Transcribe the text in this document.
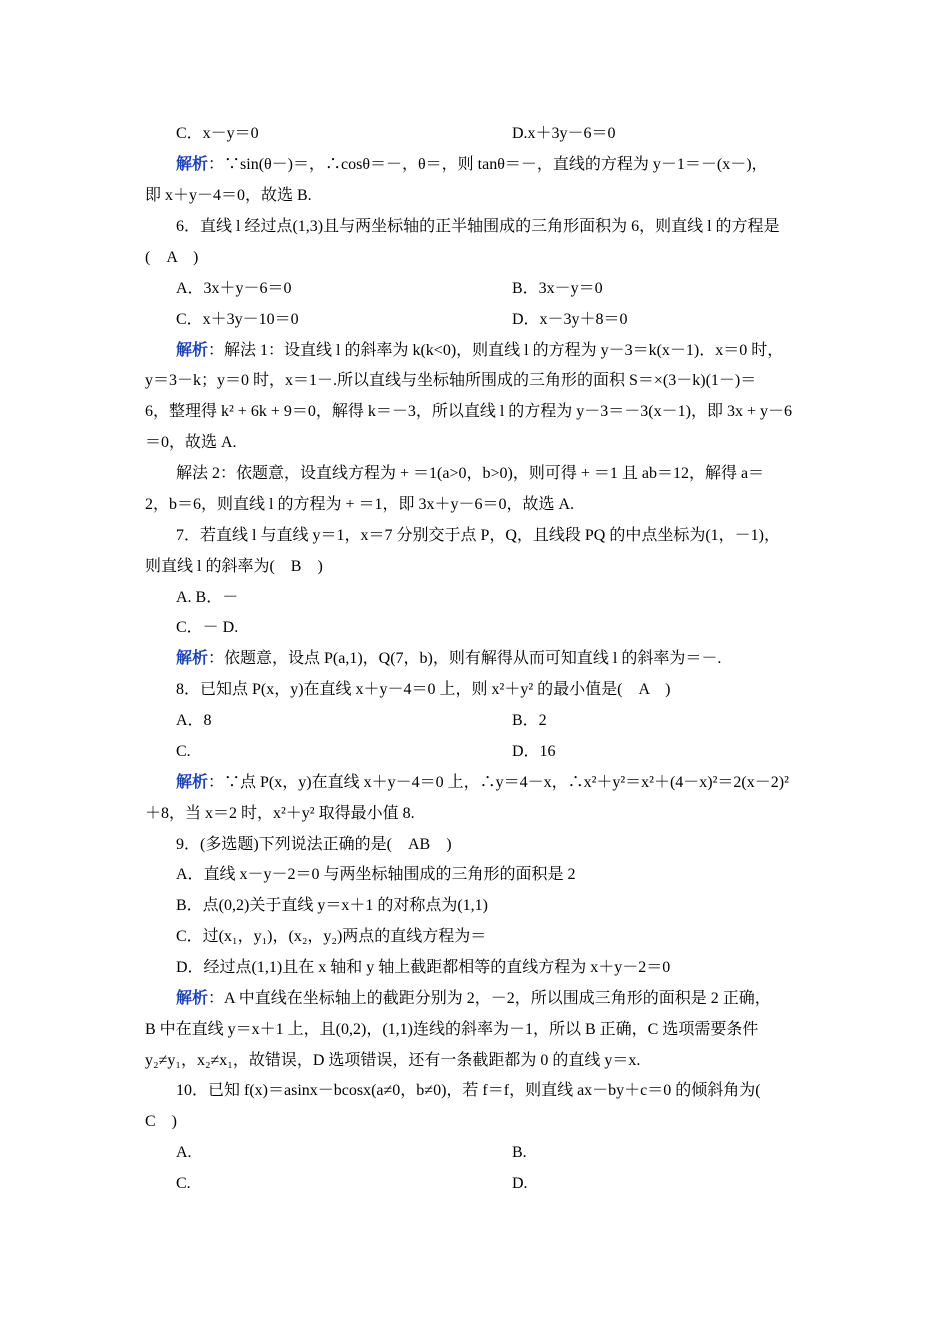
C．x－y＝0	D.x＋3y－6＝0
解析：∵sin(θ－)＝，∴cosθ＝－，θ＝，则 tanθ＝－，直线的方程为 y－1＝－(x－)，
即 x＋y－4＝0，故选 B.
6．直线 l 经过点(1,3)且与两坐标轴的正半轴围成的三角形面积为 6，则直线 l 的方程是
(　A　)
A．3x＋y－6＝0	B．3x－y＝0
C．x＋3y－10＝0	D．x－3y＋8＝0
解析：解法 1：设直线 l 的斜率为 k(k<0)，则直线 l 的方程为 y－3＝k(x－1)．x＝0 时，
y＝3－k；y＝0 时，x＝1－.所以直线与坐标轴所围成的三角形的面积 S＝×(3－k)(1－)＝
6，整理得 k² + 6k + 9＝0，解得 k＝－3，所以直线 l 的方程为 y－3＝－3(x－1)，即 3x + y－6
＝0，故选 A.
解法 2：依题意，设直线方程为 + ＝1(a>0，b>0)，则可得 + ＝1 且 ab＝12，解得 a＝
2，b＝6，则直线 l 的方程为 + ＝1，即 3x＋y－6＝0，故选 A.
7．若直线 l 与直线 y＝1，x＝7 分别交于点 P，Q，且线段 PQ 的中点坐标为(1，－1)，
则直线 l 的斜率为(　B　)
A. B．－
C．－ D.
解析：依题意，设点 P(a,1)，Q(7，b)，则有解得从而可知直线 l 的斜率为＝－.
8．已知点 P(x，y)在直线 x＋y－4＝0 上，则 x²＋y² 的最小值是(　A　)
A．8	B．2
C.	D．16
解析：∵点 P(x，y)在直线 x＋y－4＝0 上，∴y＝4－x，∴x²＋y²＝x²＋(4－x)²＝2(x－2)²
＋8，当 x＝2 时，x²＋y² 取得最小值 8.
9．(多选题)下列说法正确的是(　AB　)
A．直线 x－y－2＝0 与两坐标轴围成的三角形的面积是 2
B．点(0,2)关于直线 y＝x＋1 的对称点为(1,1)
C．过(x₁，y₁)，(x₂，y₂)两点的直线方程为＝
D．经过点(1,1)且在 x 轴和 y 轴上截距都相等的直线方程为 x＋y－2＝0
解析：A 中直线在坐标轴上的截距分别为 2，－2，所以围成三角形的面积是 2 正确，
B 中在直线 y＝x＋1 上，且(0,2)，(1,1)连线的斜率为－1，所以 B 正确，C 选项需要条件
y₂≠y₁，x₂≠x₁，故错误，D 选项错误，还有一条截距都为 0 的直线 y＝x.
10．已知 f(x)＝asinx－bcosx(a≠0，b≠0)，若 f＝f，则直线 ax－by＋c＝0 的倾斜角为(
C　)
A.	B.
C.	D.
